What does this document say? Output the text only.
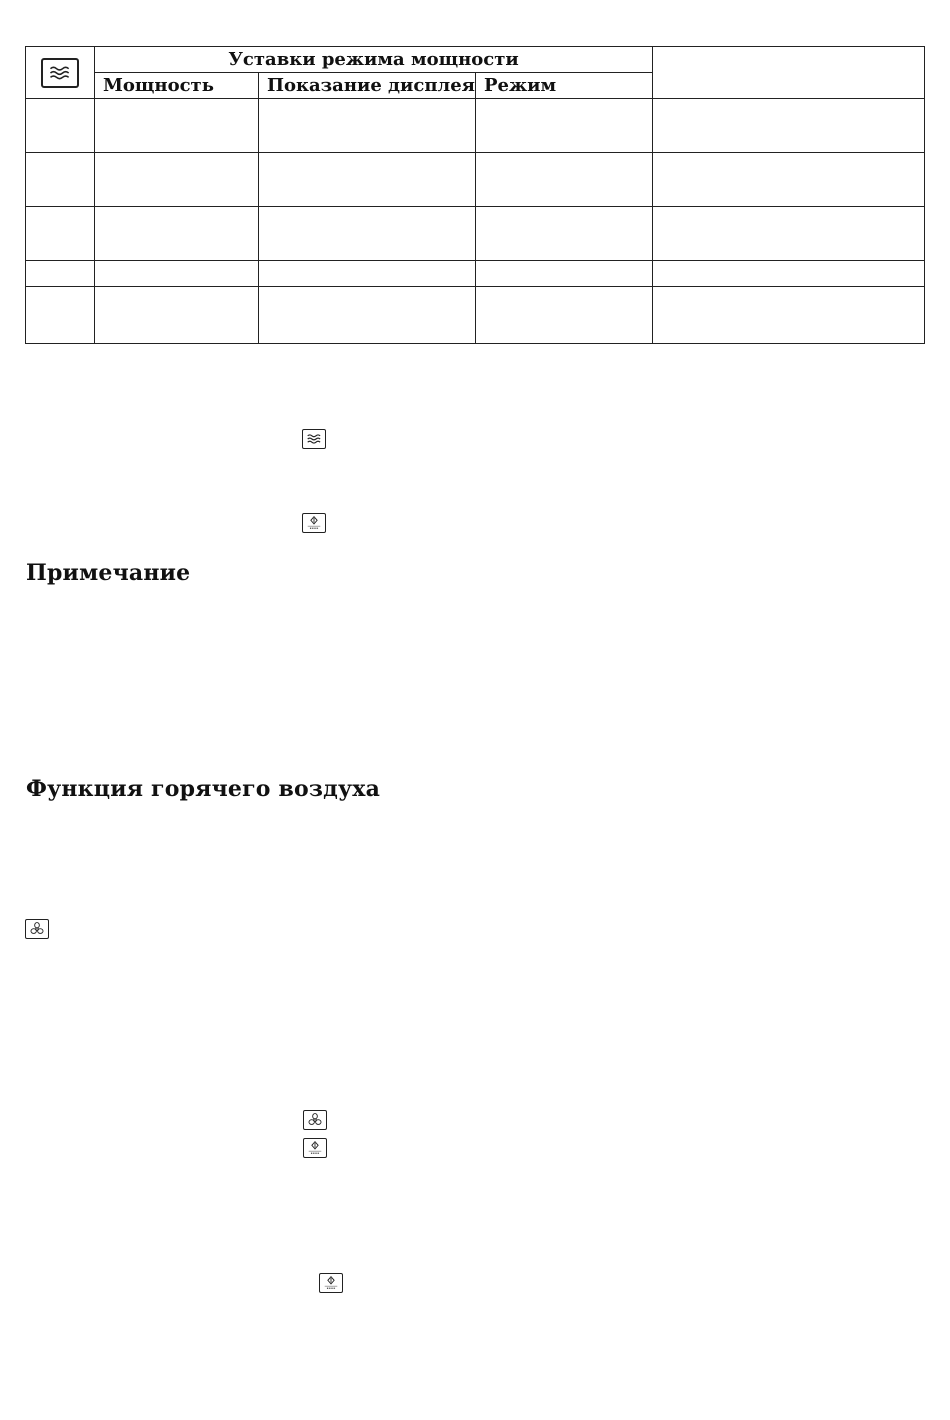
	Уставки режима мощности			
	Мощность	Показание дисплея	Режим	

Примечание
Функция горячего воздуха
